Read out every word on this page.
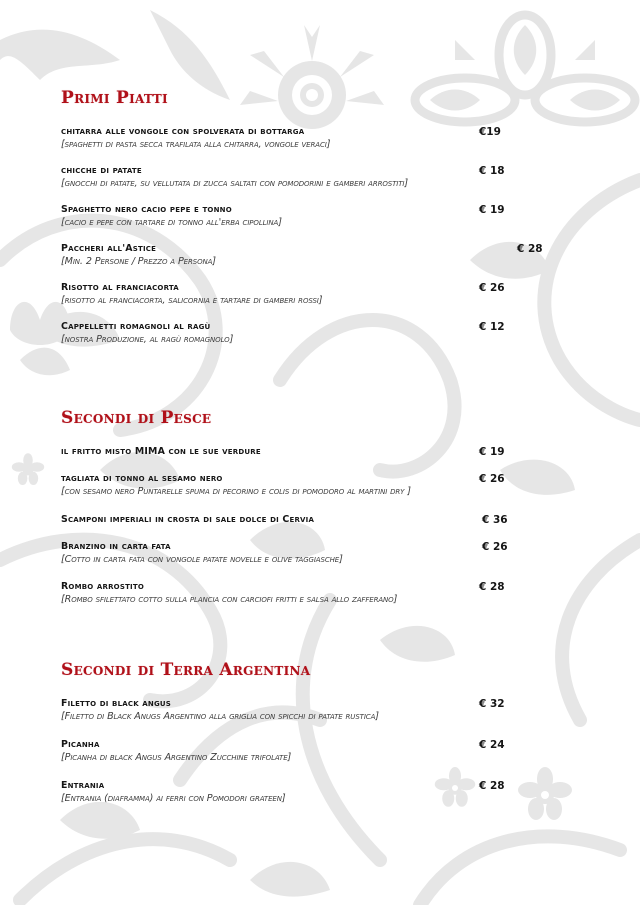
Primi Piatti
chitarra alle vongole con spolverata di bottarga
[spaghetti di pasta secca trafilata alla chitarra, vongole veraci]
€19
chicche di patate
[gnocchi di patate, su vellutata di zucca saltati con pomodorini e gamberi arrostiti]
€ 18
Spaghetto nero cacio pepe e tonno
[cacio e pepe con tartare di tonno all'erba cipollina]
€ 19
Paccheri all'Astice
[Min. 2 Persone / Prezzo a Persona]
€ 28
Risotto al franciacorta
[risotto al franciacorta, salicornia e tartare di gamberi rossi]
€ 26
Cappelletti romagnoli al ragù
[nostra Produzione, al ragù romagnolo]
€ 12
Secondi di Pesce
il fritto misto MIMA con le sue verdure	€ 19
tagliata di tonno al sesamo nero
[con sesamo nero Puntarelle spuma di pecorino e colis di pomodoro al martini dry ]
€ 26
Scamponi imperiali in crosta di sale dolce di Cervia	€ 36
Branzino in carta fata
[Cotto in carta fata con vongole patate novelle e olive taggiasche]
€ 26
Rombo arrostito
[Rombo sfilettato cotto sulla plancia con carciofi fritti e salsa allo zafferano]
€ 28
Secondi di Terra Argentina
Filetto di black angus
[Filetto di Black Anugs Argentino alla griglia con spicchi di patate rustica]
€ 32
Picanha
[Picanha di black Angus Argentino Zucchine trifolate]
€ 24
Entrania
[Entrania (diaframma) ai ferri con Pomodori grateen]
€ 28
